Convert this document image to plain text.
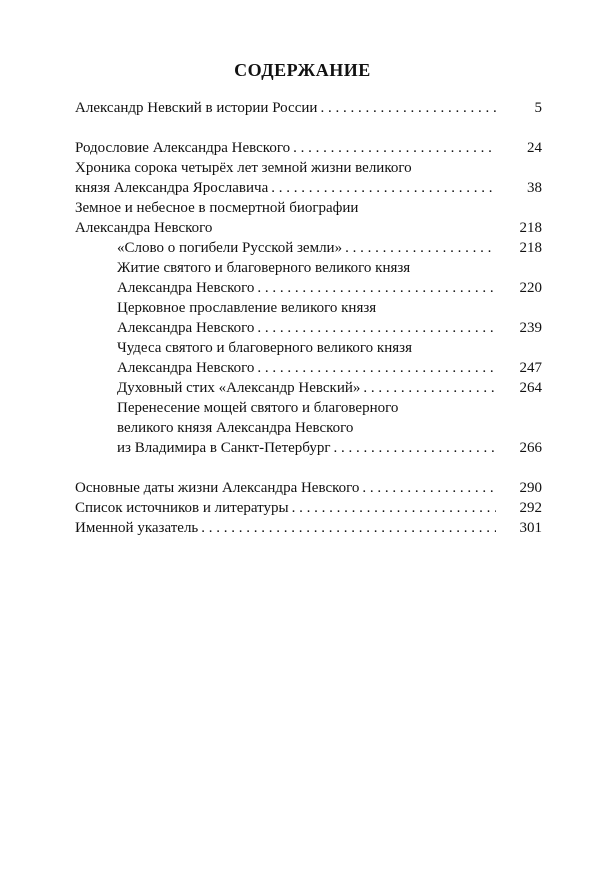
СОДЕРЖАНИЕ
Александр Невский в истории России . . .	5
Родословие Александра Невского . . .	24
Хроника сорока четырёх лет земной жизни великого
князя Александра Ярославича . . .	38
Земное и небесное в посмертной биографии
Александра Невского	218
«Слово о погибели Русской земли» . . .	218
Житие святого и благоверного великого князя
Александра Невского . . .	220
Церковное прославление великого князя
Александра Невского . . .	239
Чудеса святого и благоверного великого князя
Александра Невского . . .	247
Духовный стих «Александр Невский» . . .	264
Перенесение мощей святого и благоверного
великого князя Александра Невского
из Владимира в Санкт-Петербург . . .	266
Основные даты жизни Александра Невского . . .	290
Список источников и литературы . . .	292
Именной указатель . . .	301
